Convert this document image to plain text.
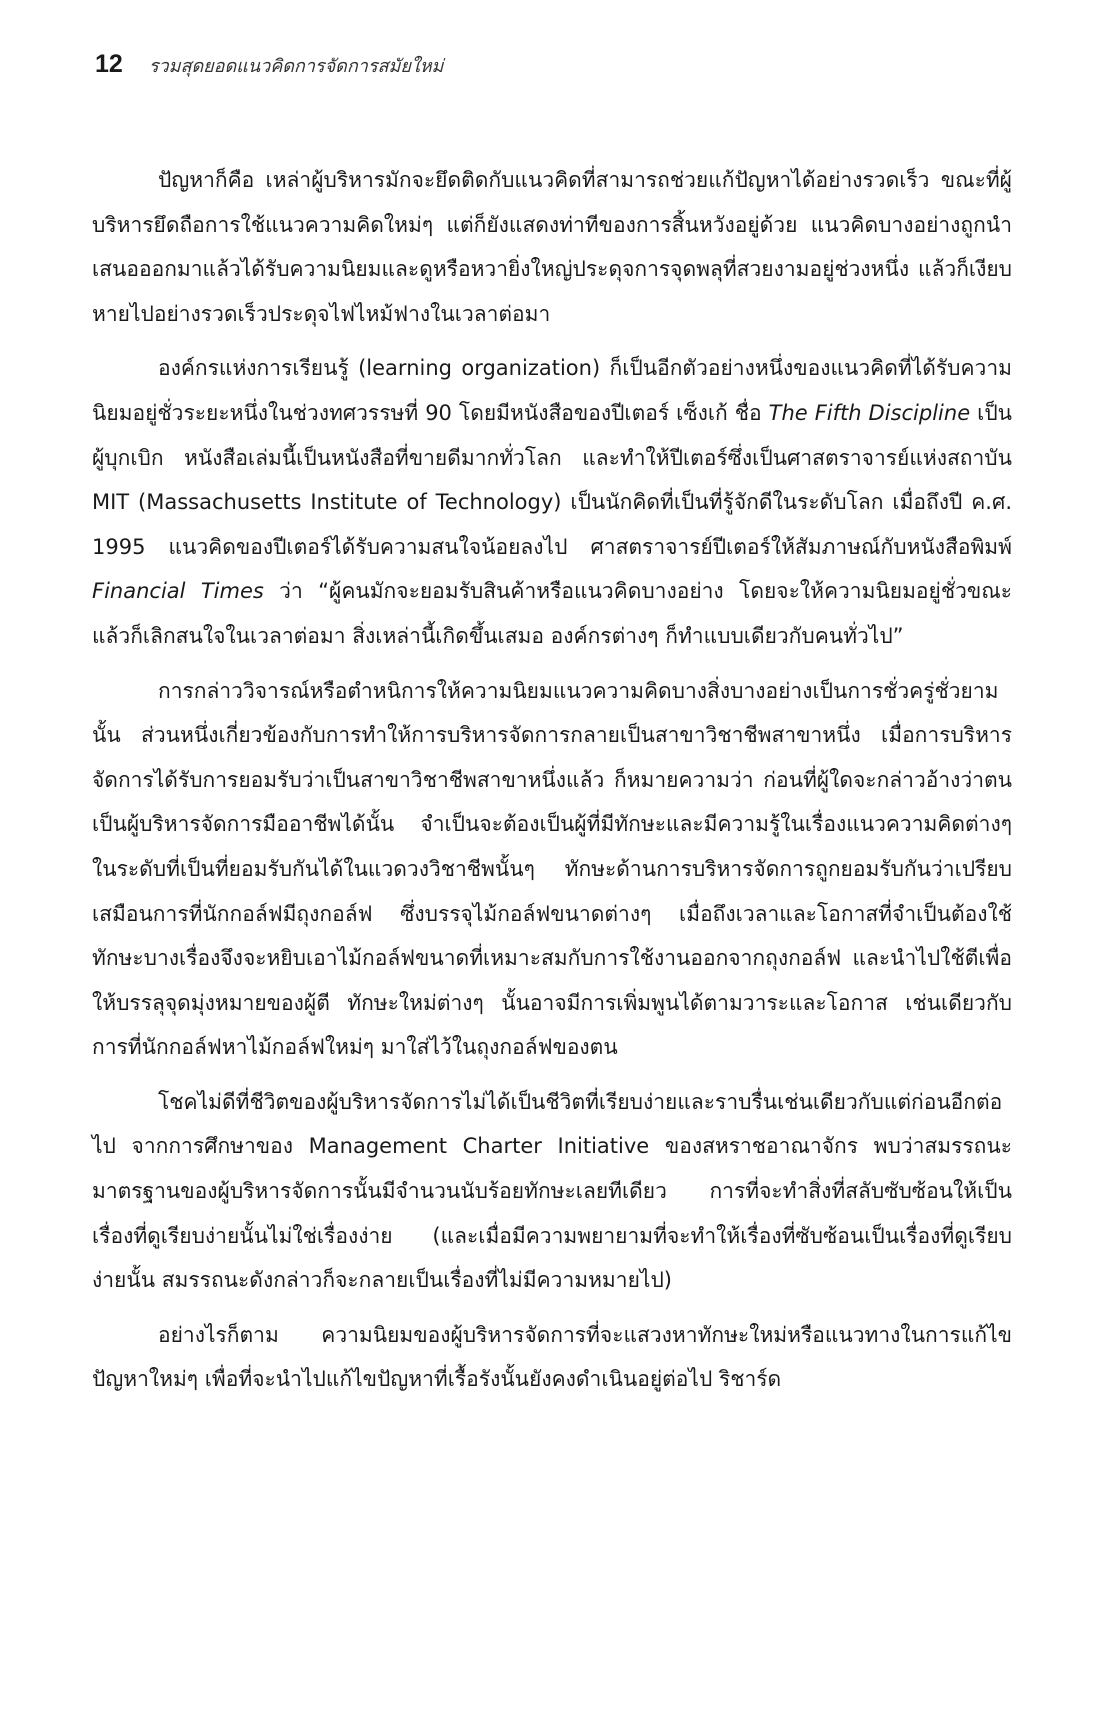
12 รวมสุดยอดแนวคิดการจัดการสมัยใหม่

ปัญหาก็คือ เหล่าผู้บริหารมักจะยึดติดกับแนวคิดที่สามารถช่วยแก้ปัญหาได้อย่างรวดเร็ว ขณะที่ผู้บริหารยึดถือการใช้แนวความคิดใหม่ๆ แต่ก็ยังแสดงท่าทีของการสิ้นหวังอยู่ด้วย แนวคิดบางอย่างถูกนำเสนอออกมาแล้วได้รับความนิยมและดูหรือหวายิ่งใหญ่ประดุจการจุดพลุที่สวยงามอยู่ช่วงหนึ่ง แล้วก็เงียบหายไปอย่างรวดเร็วประดุจไฟไหม้ฟางในเวลาต่อมา

องค์กรแห่งการเรียนรู้ (learning organization) ก็เป็นอีกตัวอย่างหนึ่งของแนวคิดที่ได้รับความนิยมอยู่ชั่วระยะหนึ่งในช่วงทศวรรษที่ 90 โดยมีหนังสือของปีเตอร์ เซ็งเก้ ชื่อ The Fifth Discipline เป็นผู้บุกเบิก หนังสือเล่มนี้เป็นหนังสือที่ขายดีมากทั่วโลก และทำให้ปีเตอร์ซึ่งเป็นศาสตราจารย์แห่งสถาบัน MIT (Massachusetts Institute of Technology) เป็นนักคิดที่เป็นที่รู้จักดีในระดับโลก เมื่อถึงปี ค.ศ. 1995 แนวคิดของปีเตอร์ได้รับความสนใจน้อยลงไป ศาสตราจารย์ปีเตอร์ให้สัมภาษณ์กับหนังสือพิมพ์ Financial Times ว่า “ผู้คนมักจะยอมรับสินค้าหรือแนวคิดบางอย่าง โดยจะให้ความนิยมอยู่ชั่วขณะ แล้วก็เลิกสนใจในเวลาต่อมา สิ่งเหล่านี้เกิดขึ้นเสมอ องค์กรต่างๆ ก็ทำแบบเดียวกับคนทั่วไป”

การกล่าววิจารณ์หรือตำหนิการให้ความนิยมแนวความคิดบางสิ่งบางอย่างเป็นการชั่วครู่ชั่วยามนั้น ส่วนหนึ่งเกี่ยวข้องกับการทำให้การบริหารจัดการกลายเป็นสาขาวิชาชีพสาขาหนึ่ง เมื่อการบริหารจัดการได้รับการยอมรับว่าเป็นสาขาวิชาชีพสาขาหนึ่งแล้ว ก็หมายความว่า ก่อนที่ผู้ใดจะกล่าวอ้างว่าตนเป็นผู้บริหารจัดการมืออาชีพได้นั้น จำเป็นจะต้องเป็นผู้ที่มีทักษะและมีความรู้ในเรื่องแนวความคิดต่างๆ ในระดับที่เป็นที่ยอมรับกันได้ในแวดวงวิชาชีพนั้นๆ ทักษะด้านการบริหารจัดการถูกยอมรับกันว่าเปรียบเสมือนการที่นักกอล์ฟมีถุงกอล์ฟ ซึ่งบรรจุไม้กอล์ฟขนาดต่างๆ เมื่อถึงเวลาและโอกาสที่จำเป็นต้องใช้ทักษะบางเรื่องจึงจะหยิบเอาไม้กอล์ฟขนาดที่เหมาะสมกับการใช้งานออกจากถุงกอล์ฟ และนำไปใช้ตีเพื่อให้บรรลุจุดมุ่งหมายของผู้ตี ทักษะใหม่ต่างๆ นั้นอาจมีการเพิ่มพูนได้ตามวาระและโอกาส เช่นเดียวกับการที่นักกอล์ฟหาไม้กอล์ฟใหม่ๆ มาใส่ไว้ในถุงกอล์ฟของตน

โชคไม่ดีที่ชีวิตของผู้บริหารจัดการไม่ได้เป็นชีวิตที่เรียบง่ายและราบรื่นเช่นเดียวกับแต่ก่อนอีกต่อไป จากการศึกษาของ Management Charter Initiative ของสหราชอาณาจักร พบว่าสมรรถนะมาตรฐานของผู้บริหารจัดการนั้นมีจำนวนนับร้อยทักษะเลยทีเดียว การที่จะทำสิ่งที่สลับซับซ้อนให้เป็นเรื่องที่ดูเรียบง่ายนั้นไม่ใช่เรื่องง่าย (และเมื่อมีความพยายามที่จะทำให้เรื่องที่ซับซ้อนเป็นเรื่องที่ดูเรียบง่ายนั้น สมรรถนะดังกล่าวก็จะกลายเป็นเรื่องที่ไม่มีความหมายไป)

อย่างไรก็ตาม ความนิยมของผู้บริหารจัดการที่จะแสวงหาทักษะใหม่หรือแนวทางในการแก้ไขปัญหาใหม่ๆ เพื่อที่จะนำไปแก้ไขปัญหาที่เรื้อรังนั้นยังคงดำเนินอยู่ต่อไป ริชาร์ด
